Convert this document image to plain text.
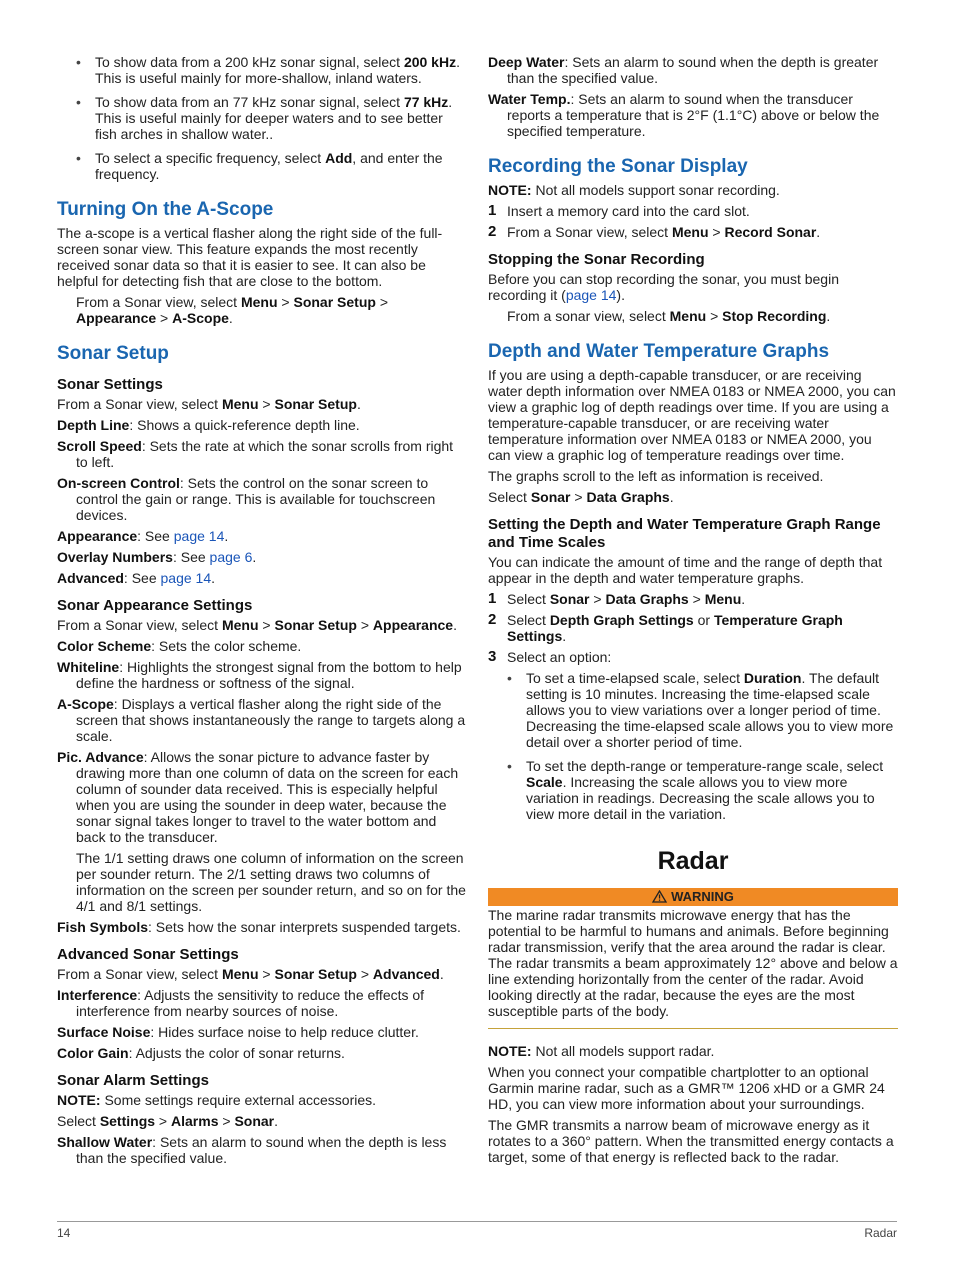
• To show data from a 200 kHz sonar signal, select 200 kHz. This is useful mainly for more-shallow, inland waters.
• To show data from an 77 kHz sonar signal, select 77 kHz. This is useful mainly for deeper waters and to see better fish arches in shallow water..
• To select a specific frequency, select Add, and enter the frequency.
Turning On the A-Scope

The a-scope is a vertical flasher along the right side of the full-screen sonar view. This feature expands the most recently received sonar data so that it is easier to see. It can also be helpful for detecting fish that are close to the bottom.

From a Sonar view, select Menu > Sonar Setup > Appearance > A-Scope.

Sonar Setup
Sonar Settings

From a Sonar view, select Menu > Sonar Setup.

Depth Line: Shows a quick-reference depth line.

Scroll Speed: Sets the rate at which the sonar scrolls from right to left.

On-screen Control: Sets the control on the sonar screen to control the gain or range. This is available for touchscreen devices.

Appearance: See page 14.

Overlay Numbers: See page 6.

Advanced: See page 14.

Sonar Appearance Settings

From a Sonar view, select Menu > Sonar Setup > Appearance.

Color Scheme: Sets the color scheme.

Whiteline: Highlights the strongest signal from the bottom to help define the hardness or softness of the signal.

A-Scope: Displays a vertical flasher along the right side of the screen that shows instantaneously the range to targets along a scale.

Pic. Advance: Allows the sonar picture to advance faster by drawing more than one column of data on the screen for each column of sounder data received. This is especially helpful when you are using the sounder in deep water, because the sonar signal takes longer to travel to the water bottom and back to the transducer.

The 1/1 setting draws one column of information on the screen per sounder return. The 2/1 setting draws two columns of information on the screen per sounder return, and so on for the 4/1 and 8/1 settings.

Fish Symbols: Sets how the sonar interprets suspended targets.

Advanced Sonar Settings

From a Sonar view, select Menu > Sonar Setup > Advanced.

Interference: Adjusts the sensitivity to reduce the effects of interference from nearby sources of noise.

Surface Noise: Hides surface noise to help reduce clutter.

Color Gain: Adjusts the color of sonar returns.

Sonar Alarm Settings

NOTE: Some settings require external accessories.

Select Settings > Alarms > Sonar.

Shallow Water: Sets an alarm to sound when the depth is less than the specified value.

Deep Water: Sets an alarm to sound when the depth is greater than the specified value.

Water Temp.: Sets an alarm to sound when the transducer reports a temperature that is 2°F (1.1°C) above or below the specified temperature.

Recording the Sonar Display

NOTE: Not all models support sonar recording.

1 Insert a memory card into the card slot.
2 From a Sonar view, select Menu > Record Sonar.
Stopping the Sonar Recording

Before you can stop recording the sonar, you must begin recording it (page 14).

From a sonar view, select Menu > Stop Recording.

Depth and Water Temperature Graphs

If you are using a depth-capable transducer, or are receiving water depth information over NMEA 0183 or NMEA 2000, you can view a graphic log of depth readings over time. If you are using a temperature-capable transducer, or are receiving water temperature information over NMEA 0183 or NMEA 2000, you can view a graphic log of temperature readings over time.

The graphs scroll to the left as information is received.

Select Sonar > Data Graphs.

Setting the Depth and Water Temperature Graph Range and Time Scales

You can indicate the amount of time and the range of depth that appear in the depth and water temperature graphs.

1 Select Sonar > Data Graphs > Menu.
2 Select Depth Graph Settings or Temperature Graph Settings.
3 Select an option:
• To set a time-elapsed scale, select Duration. The default setting is 10 minutes. Increasing the time-elapsed scale allows you to view variations over a longer period of time. Decreasing the time-elapsed scale allows you to view more detail over a shorter period of time.
• To set the depth-range or temperature-range scale, select Scale. Increasing the scale allows you to view more variation in readings. Decreasing the scale allows you to view more detail in the variation.
Radar
WARNING

The marine radar transmits microwave energy that has the potential to be harmful to humans and animals. Before beginning radar transmission, verify that the area around the radar is clear. The radar transmits a beam approximately 12° above and below a line extending horizontally from the center of the radar. Avoid looking directly at the radar, because the eyes are the most susceptible parts of the body.

NOTE: Not all models support radar.

When you connect your compatible chartplotter to an optional Garmin marine radar, such as a GMR™ 1206 xHD or a GMR 24 HD, you can view more information about your surroundings.

The GMR transmits a narrow beam of microwave energy as it rotates to a 360° pattern. When the transmitted energy contacts a target, some of that energy is reflected back to the radar.

14	Radar
